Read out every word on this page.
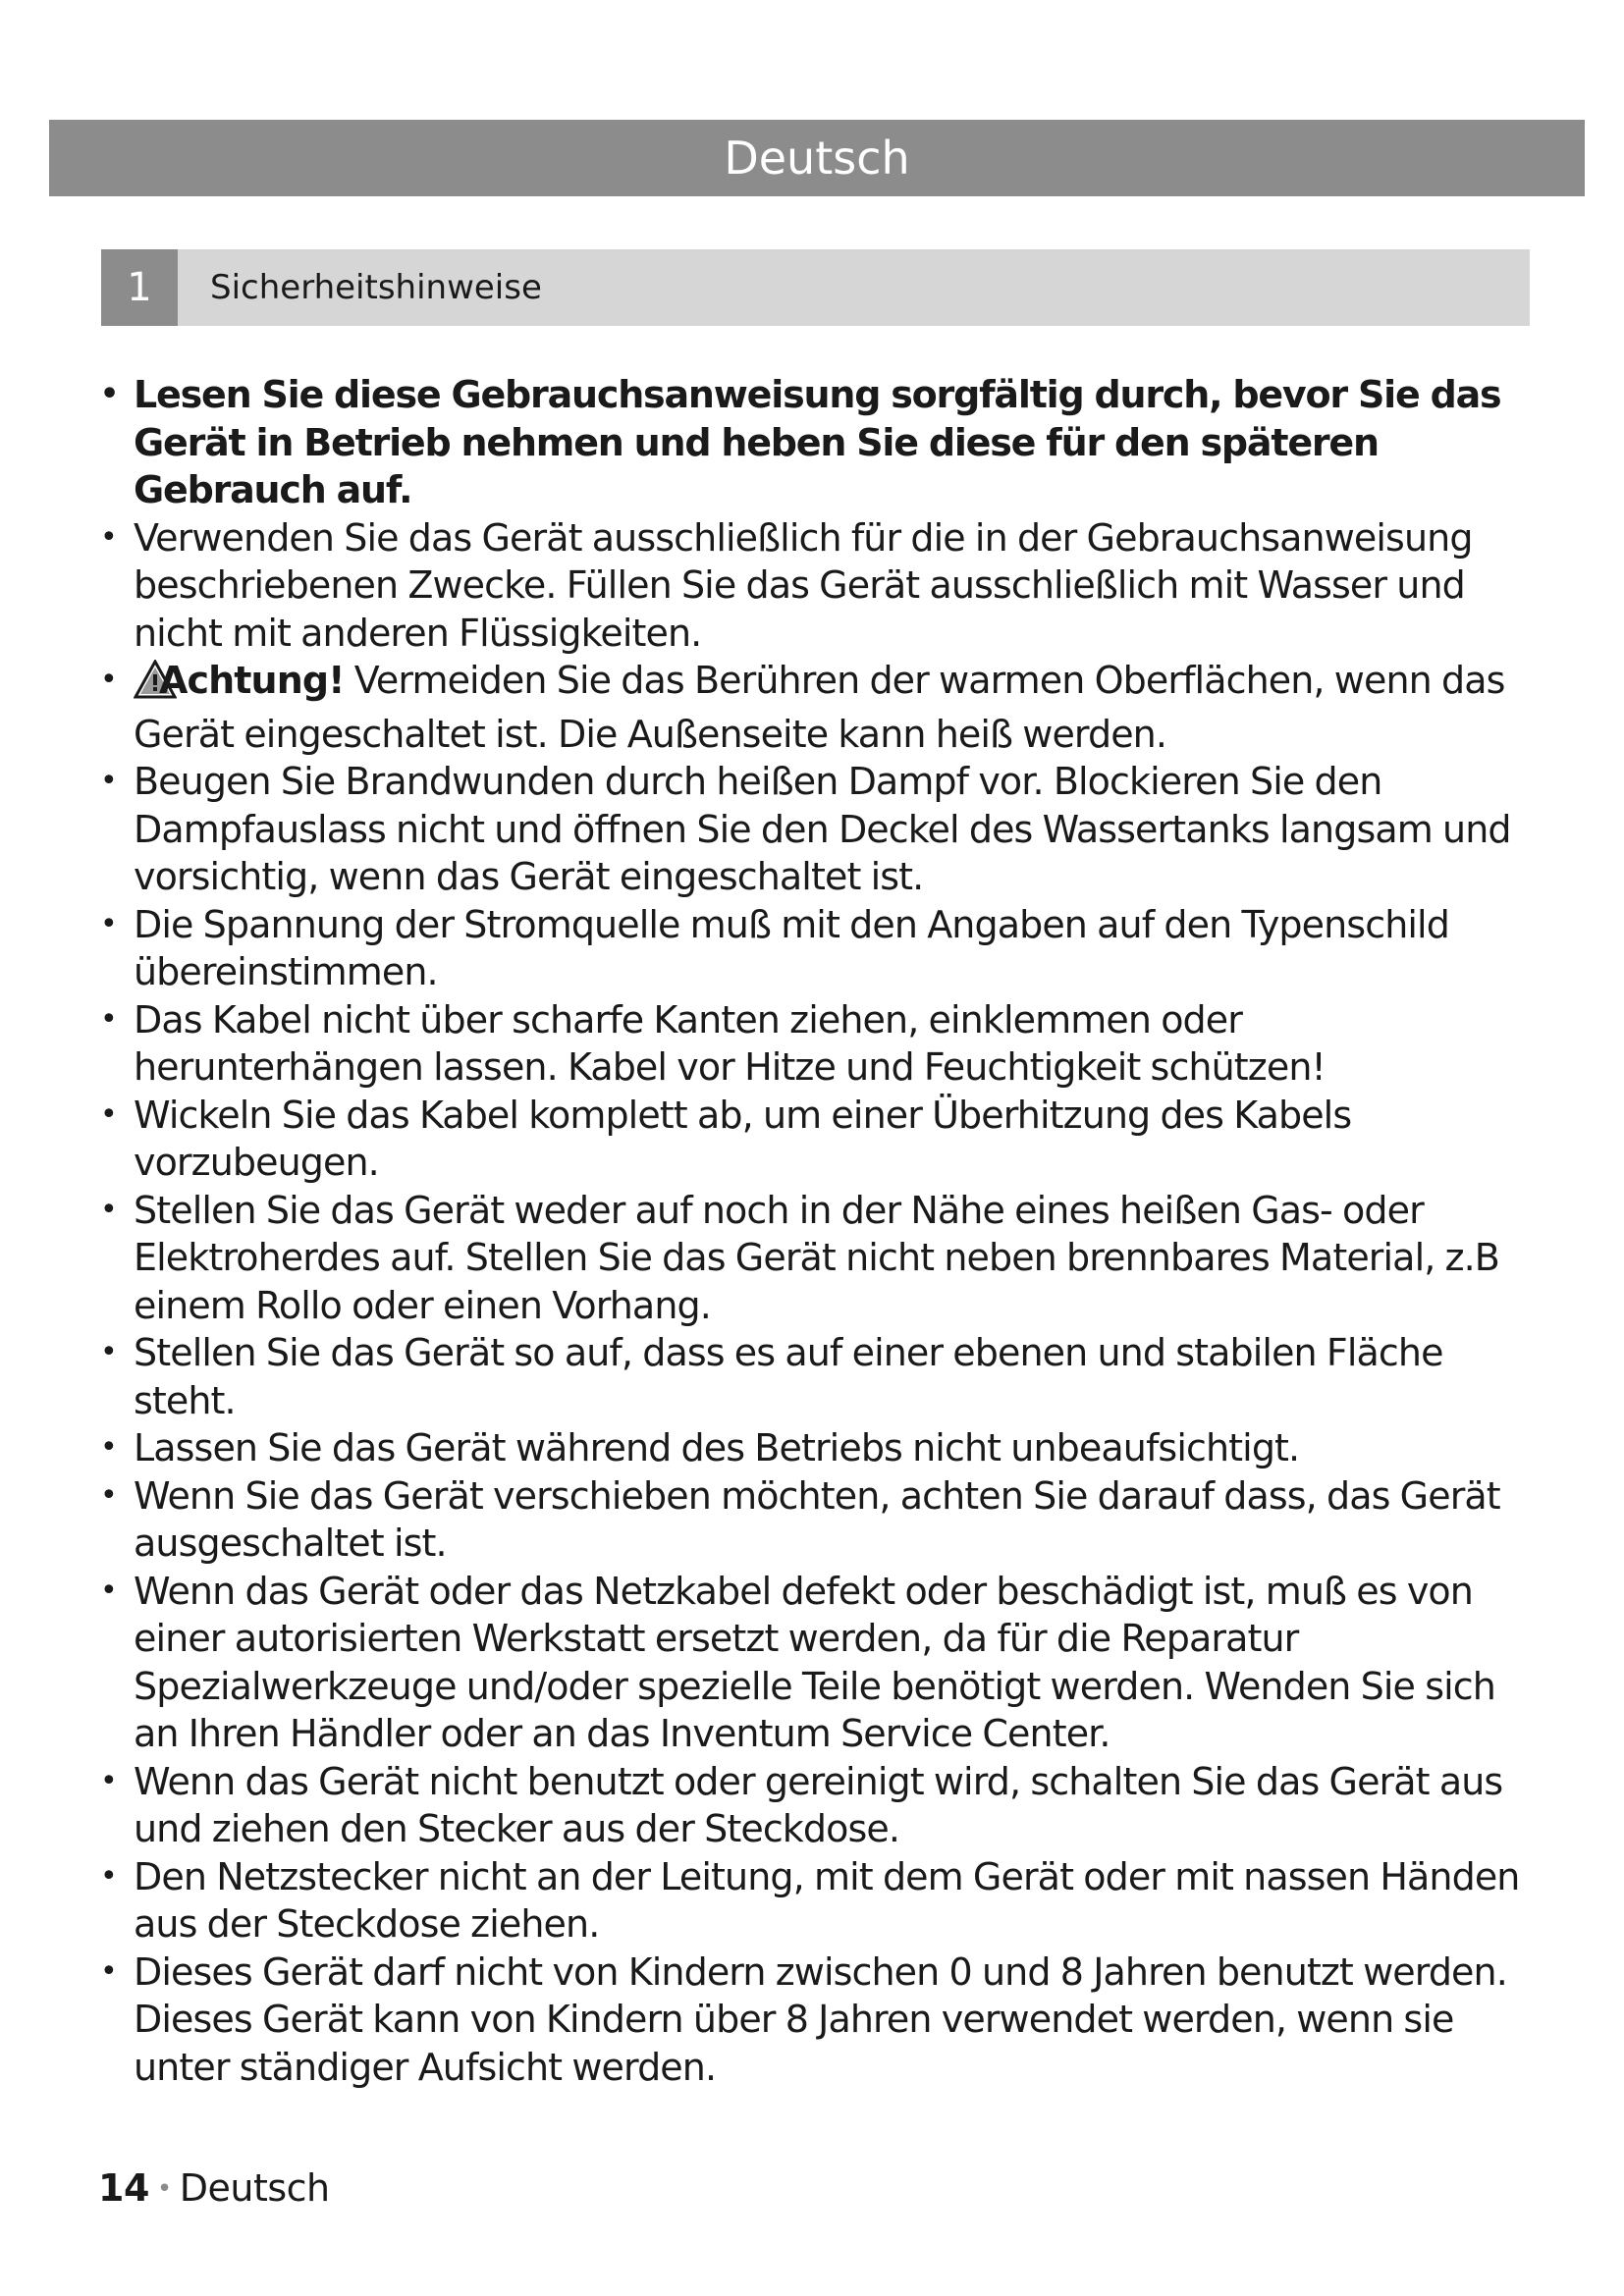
Deutsch
1	Sicherheitshinweise
• Lesen Sie diese Gebrauchsanweisung sorgfältig durch, bevor Sie das Gerät in Betrieb nehmen und heben Sie diese für den späteren Gebrauch auf.
• Verwenden Sie das Gerät ausschließlich für die in der Gebrauchsanweisung beschriebenen Zwecke. Füllen Sie das Gerät ausschließlich mit Wasser und nicht mit anderen Flüssigkeiten.
• Achtung! Vermeiden Sie das Berühren der warmen Oberflächen, wenn das Gerät eingeschaltet ist. Die Außenseite kann heiß werden.
• Beugen Sie Brandwunden durch heißen Dampf vor. Blockieren Sie den Dampfauslass nicht und öffnen Sie den Deckel des Wassertanks langsam und vorsichtig, wenn das Gerät eingeschaltet ist.
• Die Spannung der Stromquelle muß mit den Angaben auf den Typenschild übereinstimmen.
• Das Kabel nicht über scharfe Kanten ziehen, einklemmen oder herunterhängen lassen. Kabel vor Hitze und Feuchtigkeit schützen!
• Wickeln Sie das Kabel komplett ab, um einer Überhitzung des Kabels vorzubeugen.
• Stellen Sie das Gerät weder auf noch in der Nähe eines heißen Gas- oder Elektroherdes auf. Stellen Sie das Gerät nicht neben brennbares Material, z.B einem Rollo oder einen Vorhang.
• Stellen Sie das Gerät so auf, dass es auf einer ebenen und stabilen Fläche steht.
• Lassen Sie das Gerät während des Betriebs nicht unbeaufsichtigt.
• Wenn Sie das Gerät verschieben möchten, achten Sie darauf dass, das Gerät ausgeschaltet ist.
• Wenn das Gerät oder das Netzkabel defekt oder beschädigt ist, muß es von einer autorisierten Werkstatt ersetzt werden, da für die Reparatur Spezialwerkzeuge und/oder spezielle Teile benötigt werden. Wenden Sie sich an Ihren Händler oder an das Inventum Service Center.
• Wenn das Gerät nicht benutzt oder gereinigt wird, schalten Sie das Gerät aus und ziehen den Stecker aus der Steckdose.
• Den Netzstecker nicht an der Leitung, mit dem Gerät oder mit nassen Händen aus der Steckdose ziehen.
• Dieses Gerät darf nicht von Kindern zwischen 0 und 8 Jahren benutzt werden. Dieses Gerät kann von Kindern über 8 Jahren verwendet werden, wenn sie unter ständiger Aufsicht werden.
14 • Deutsch
